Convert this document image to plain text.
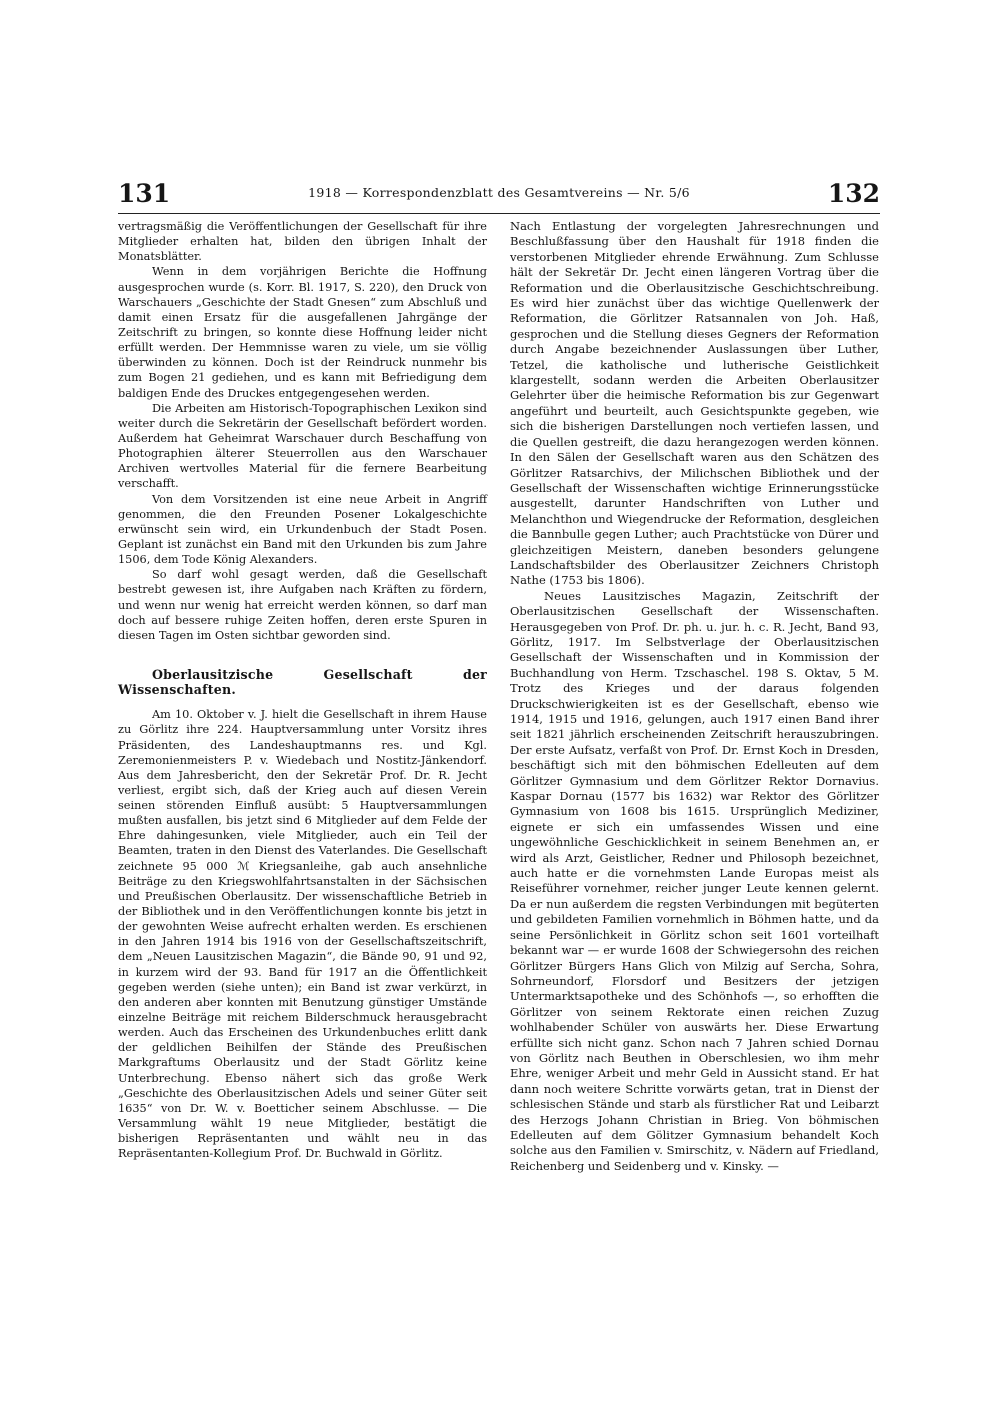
131	1918 — Korrespondenzblatt des Gesamtvereins — Nr. 5/6	132

vertragsmäßig die Veröffentlichungen der Gesellschaft für ihre Mitglieder erhalten hat, bilden den übrigen Inhalt der Monatsblätter.

Wenn in dem vorjährigen Berichte die Hoffnung ausgesprochen wurde (s. Korr. Bl. 1917, S. 220), den Druck von Warschauers „Geschichte der Stadt Gnesen“ zum Abschluß und damit einen Ersatz für die ausgefallenen Jahrgänge der Zeitschrift zu bringen, so konnte diese Hoffnung leider nicht erfüllt werden. Der Hemmnisse waren zu viele, um sie völlig überwinden zu können. Doch ist der Reindruck nunmehr bis zum Bogen 21 gediehen, und es kann mit Befriedigung dem baldigen Ende des Druckes entgegengesehen werden.

Die Arbeiten am Historisch-Topographischen Lexikon sind weiter durch die Sekretärin der Gesellschaft befördert worden. Außerdem hat Geheimrat Warschauer durch Beschaffung von Photographien älterer Steuerrollen aus den Warschauer Archiven wertvolles Material für die fernere Bearbeitung verschafft.

Von dem Vorsitzenden ist eine neue Arbeit in Angriff genommen, die den Freunden Posener Lokalgeschichte erwünscht sein wird, ein Urkundenbuch der Stadt Posen. Geplant ist zunächst ein Band mit den Urkunden bis zum Jahre 1506, dem Tode König Alexanders.

So darf wohl gesagt werden, daß die Gesellschaft bestrebt gewesen ist, ihre Aufgaben nach Kräften zu fördern, und wenn nur wenig hat erreicht werden können, so darf man doch auf bessere ruhige Zeiten hoffen, deren erste Spuren in diesen Tagen im Osten sichtbar geworden sind.

Oberlausitzische Gesellschaft der Wissenschaften.

Am 10. Oktober v. J. hielt die Gesellschaft in ihrem Hause zu Görlitz ihre 224. Hauptversammlung unter Vorsitz ihres Präsidenten, des Landeshauptmanns res. und Kgl. Zeremonienmeisters P. v. Wiedebach und Nostitz-Jänkendorf. Aus dem Jahresbericht, den der Sekretär Prof. Dr. R. Jecht verliest, ergibt sich, daß der Krieg auch auf diesen Verein seinen störenden Einfluß ausübt: 5 Hauptversammlungen mußten ausfallen, bis jetzt sind 6 Mitglieder auf dem Felde der Ehre dahingesunken, viele Mitglieder, auch ein Teil der Beamten, traten in den Dienst des Vaterlandes. Die Gesellschaft zeichnete 95 000 ℳ Kriegsanleihe, gab auch ansehnliche Beiträge zu den Kriegswohlfahrtsanstalten in der Sächsischen und Preußischen Oberlausitz. Der wissenschaftliche Betrieb in der Bibliothek und in den Veröffentlichungen konnte bis jetzt in der gewohnten Weise aufrecht erhalten werden. Es erschienen in den Jahren 1914 bis 1916 von der Gesellschaftszeitschrift, dem „Neuen Lausitzischen Magazin“, die Bände 90, 91 und 92, in kurzem wird der 93. Band für 1917 an die Öffentlichkeit gegeben werden (siehe unten); ein Band ist zwar verkürzt, in den anderen aber konnten mit Benutzung günstiger Umstände einzelne Beiträge mit reichem Bilderschmuck herausgebracht werden. Auch das Erscheinen des Urkundenbuches erlitt dank der geldlichen Beihilfen der Stände des Preußischen Markgraftums Oberlausitz und der Stadt Görlitz keine Unterbrechung. Ebenso nähert sich das große Werk „Geschichte des Oberlausitzischen Adels und seiner Güter seit 1635“ von Dr. W. v. Boetticher seinem Abschlusse. — Die Versammlung wählt 19 neue Mitglieder, bestätigt die bisherigen Repräsentanten und wählt neu in das Repräsentanten-Kollegium Prof. Dr. Buchwald in Görlitz.

Nach Entlastung der vorgelegten Jahresrechnungen und Beschlußfassung über den Haushalt für 1918 finden die verstorbenen Mitglieder ehrende Erwähnung. Zum Schlusse hält der Sekretär Dr. Jecht einen längeren Vortrag über die Reformation und die Oberlausitzische Geschichtschreibung. Es wird hier zunächst über das wichtige Quellenwerk der Reformation, die Görlitzer Ratsannalen von Joh. Haß, gesprochen und die Stellung dieses Gegners der Reformation durch Angabe bezeichnender Auslassungen über Luther, Tetzel, die katholische und lutherische Geistlichkeit klargestellt, sodann werden die Arbeiten Oberlausitzer Gelehrter über die heimische Reformation bis zur Gegenwart angeführt und beurteilt, auch Gesichtspunkte gegeben, wie sich die bisherigen Darstellungen noch vertiefen lassen, und die Quellen gestreift, die dazu herangezogen werden können. In den Sälen der Gesellschaft waren aus den Schätzen des Görlitzer Ratsarchivs, der Milichschen Bibliothek und der Gesellschaft der Wissenschaften wichtige Erinnerungsstücke ausgestellt, darunter Handschriften von Luther und Melanchthon und Wiegendrucke der Reformation, desgleichen die Bannbulle gegen Luther; auch Prachtstücke von Dürer und gleichzeitigen Meistern, daneben besonders gelungene Landschaftsbilder des Oberlausitzer Zeichners Christoph Nathe (1753 bis 1806).

Neues Lausitzisches Magazin, Zeitschrift der Oberlausitzischen Gesellschaft der Wissenschaften. Herausgegeben von Prof. Dr. ph. u. jur. h. c. R. Jecht, Band 93, Görlitz, 1917. Im Selbstverlage der Oberlausitzischen Gesellschaft der Wissenschaften und in Kommission der Buchhandlung von Herm. Tzschaschel. 198 S. Oktav, 5 M. Trotz des Krieges und der daraus folgenden Druckschwierigkeiten ist es der Gesellschaft, ebenso wie 1914, 1915 und 1916, gelungen, auch 1917 einen Band ihrer seit 1821 jährlich erscheinenden Zeitschrift herauszubringen. Der erste Aufsatz, verfaßt von Prof. Dr. Ernst Koch in Dresden, beschäftigt sich mit den böhmischen Edelleuten auf dem Görlitzer Gymnasium und dem Görlitzer Rektor Dornavius. Kaspar Dornau (1577 bis 1632) war Rektor des Görlitzer Gymnasium von 1608 bis 1615. Ursprünglich Mediziner, eignete er sich ein umfassendes Wissen und eine ungewöhnliche Geschicklichkeit in seinem Benehmen an, er wird als Arzt, Geistlicher, Redner und Philosoph bezeichnet, auch hatte er die vornehmsten Lande Europas meist als Reiseführer vornehmer, reicher junger Leute kennen gelernt. Da er nun außerdem die regsten Verbindungen mit begüterten und gebildeten Familien vornehmlich in Böhmen hatte, und da seine Persönlichkeit in Görlitz schon seit 1601 vorteilhaft bekannt war — er wurde 1608 der Schwiegersohn des reichen Görlitzer Bürgers Hans Glich von Milzig auf Sercha, Sohra, Sohrneundorf, Florsdorf und Besitzers der jetzigen Untermarktsapotheke und des Schönhofs —, so erhofften die Görlitzer von seinem Rektorate einen reichen Zuzug wohlhabender Schüler von auswärts her. Diese Erwartung erfüllte sich nicht ganz. Schon nach 7 Jahren schied Dornau von Görlitz nach Beuthen in Oberschlesien, wo ihm mehr Ehre, weniger Arbeit und mehr Geld in Aussicht stand. Er hat dann noch weitere Schritte vorwärts getan, trat in Dienst der schlesischen Stände und starb als fürstlicher Rat und Leibarzt des Herzogs Johann Christian in Brieg. Von böhmischen Edelleuten auf dem Gölitzer Gymnasium behandelt Koch solche aus den Familien v. Smirschitz, v. Nädern auf Friedland, Reichenberg und Seidenberg und v. Kinsky. —
